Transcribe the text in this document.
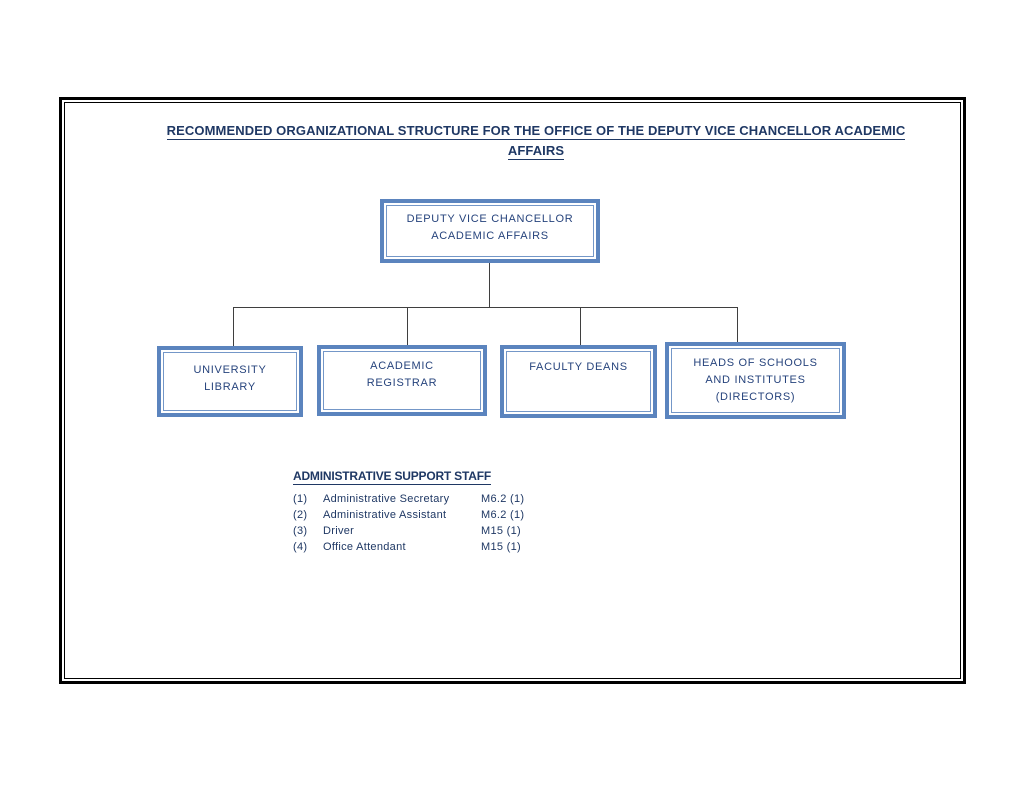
RECOMMENDED ORGANIZATIONAL STRUCTURE FOR THE OFFICE OF THE DEPUTY VICE CHANCELLOR ACADEMIC
AFFAIRS
DEPUTY VICE CHANCELLOR
ACADEMIC AFFAIRS
UNIVERSITY
LIBRARY
ACADEMIC
REGISTRAR
FACULTY DEANS	HEADS OF SCHOOLS
AND INSTITUTES
(DIRECTORS)
ADMINISTRATIVE SUPPORT STAFF
(1)	Administrative Secretary	M6.2 (1)
(2)	Administrative Assistant	M6.2 (1)
(3)	Driver	M15 (1)
(4)	Office Attendant	M15 (1)
